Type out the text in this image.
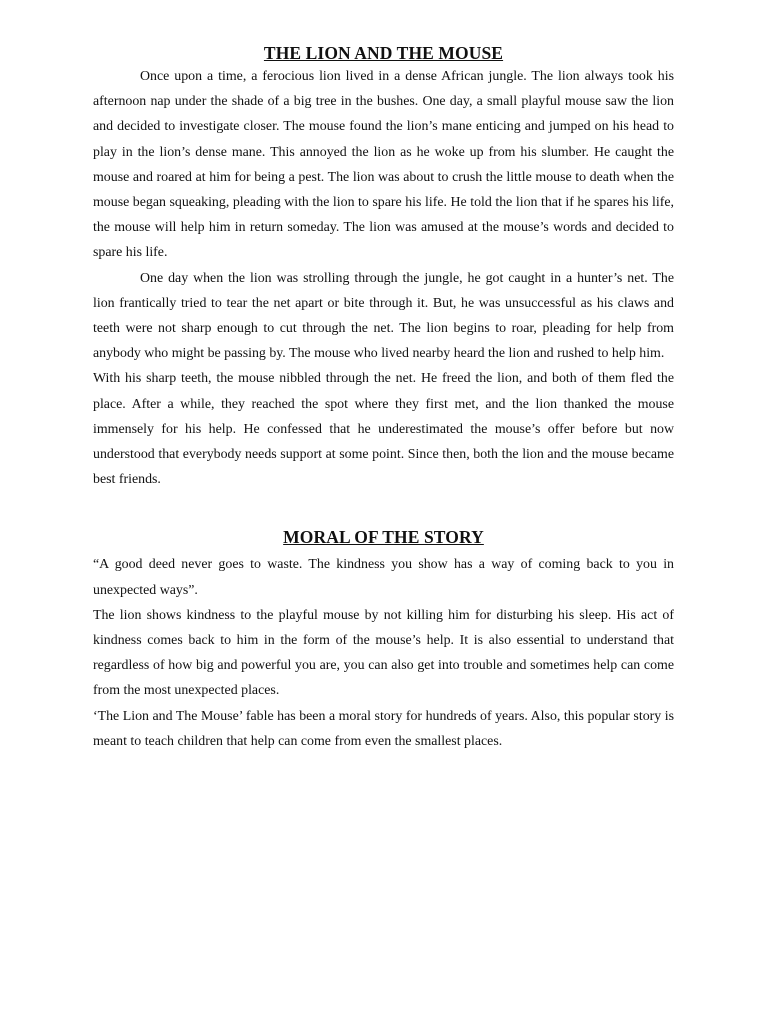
THE LION AND THE MOUSE

Once upon a time, a ferocious lion lived in a dense African jungle. The lion always took his afternoon nap under the shade of a big tree in the bushes. One day, a small playful mouse saw the lion and decided to investigate closer. The mouse found the lion’s mane enticing and jumped on his head to play in the lion’s dense mane. This annoyed the lion as he woke up from his slumber. He caught the mouse and roared at him for being a pest. The lion was about to crush the little mouse to death when the mouse began squeaking, pleading with the lion to spare his life. He told the lion that if he spares his life, the mouse will help him in return someday. The lion was amused at the mouse’s words and decided to spare his life.

One day when the lion was strolling through the jungle, he got caught in a hunter’s net. The lion frantically tried to tear the net apart or bite through it. But, he was unsuccessful as his claws and teeth were not sharp enough to cut through the net. The lion begins to roar, pleading for help from anybody who might be passing by. The mouse who lived nearby heard the lion and rushed to help him.

With his sharp teeth, the mouse nibbled through the net. He freed the lion, and both of them fled the place. After a while, they reached the spot where they first met, and the lion thanked the mouse immensely for his help. He confessed that he underestimated the mouse’s offer before but now understood that everybody needs support at some point. Since then, both the lion and the mouse became best friends.

MORAL OF THE STORY

“A good deed never goes to waste. The kindness you show has a way of coming back to you in unexpected ways”.

The lion shows kindness to the playful mouse by not killing him for disturbing his sleep. His act of kindness comes back to him in the form of the mouse’s help. It is also essential to understand that regardless of how big and powerful you are, you can also get into trouble and sometimes help can come from the most unexpected places.

‘The Lion and The Mouse’ fable has been a moral story for hundreds of years. Also, this popular story is meant to teach children that help can come from even the smallest places.
